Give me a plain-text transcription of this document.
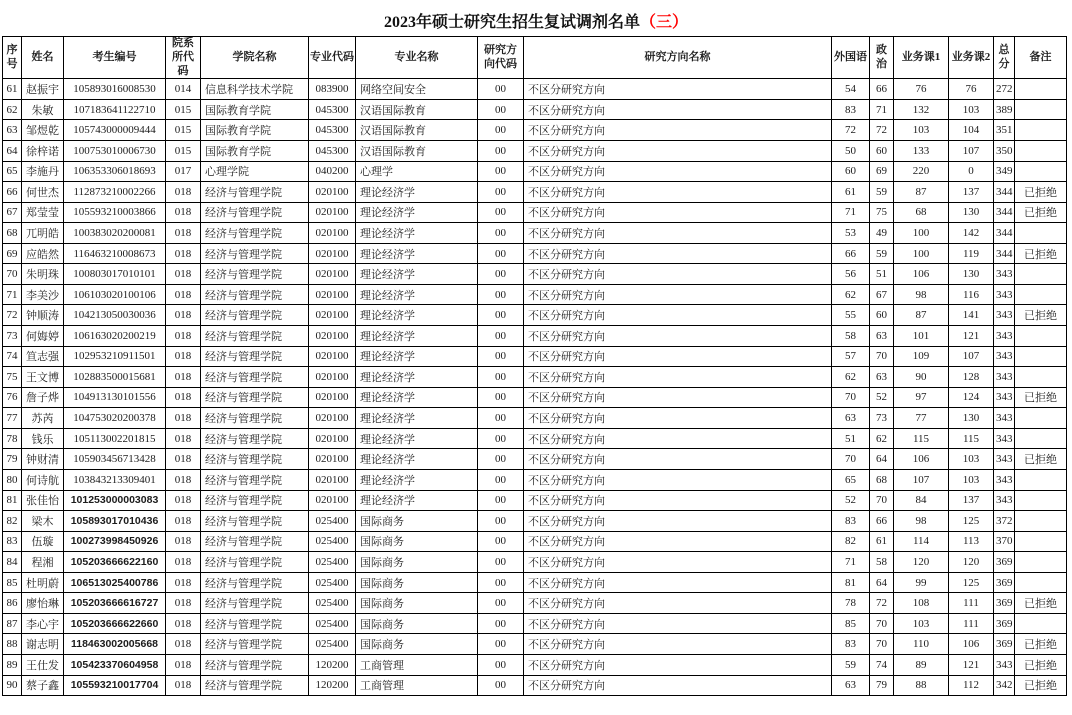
2023年硕士研究生招生复试调剂名单（三）
序号	姓名	考生编号	院系所代码	学院名称	专业代码	专业名称	研究方向代码	研究方向名称	外国语	政治	业务课1	业务课2	总分	备注
61	赵振宇	105893016008530	014	信息科学技术学院	083900	网络空间安全	00	不区分研究方向	54	66	76	76	272	
62	朱敏	107183641122710	015	国际教育学院	045300	汉语国际教育	00	不区分研究方向	83	71	132	103	389	
63	邹煜乾	105743000009444	015	国际教育学院	045300	汉语国际教育	00	不区分研究方向	72	72	103	104	351	
64	徐梓诺	100753010006730	015	国际教育学院	045300	汉语国际教育	00	不区分研究方向	50	60	133	107	350	
65	李施丹	106353306018693	017	心理学院	040200	心理学	00	不区分研究方向	60	69	220	0	349	
66	何世杰	112873210002266	018	经济与管理学院	020100	理论经济学	00	不区分研究方向	61	59	87	137	344	已拒绝
67	郑莹莹	105593210003866	018	经济与管理学院	020100	理论经济学	00	不区分研究方向	71	75	68	130	344	已拒绝
68	兀明皓	100383020200081	018	经济与管理学院	020100	理论经济学	00	不区分研究方向	53	49	100	142	344	
69	应皓然	116463210008673	018	经济与管理学院	020100	理论经济学	00	不区分研究方向	66	59	100	119	344	已拒绝
70	朱明珠	100803017010101	018	经济与管理学院	020100	理论经济学	00	不区分研究方向	56	51	106	130	343	
71	李美沙	106103020100106	018	经济与管理学院	020100	理论经济学	00	不区分研究方向	62	67	98	116	343	
72	钟顺涛	104213050030036	018	经济与管理学院	020100	理论经济学	00	不区分研究方向	55	60	87	141	343	已拒绝
73	何娒婷	106163020200219	018	经济与管理学院	020100	理论经济学	00	不区分研究方向	58	63	101	121	343	
74	笪志强	102953210911501	018	经济与管理学院	020100	理论经济学	00	不区分研究方向	57	70	109	107	343	
75	王文博	102883500015681	018	经济与管理学院	020100	理论经济学	00	不区分研究方向	62	63	90	128	343	
76	詹子烨	104913130101556	018	经济与管理学院	020100	理论经济学	00	不区分研究方向	70	52	97	124	343	已拒绝
77	苏芮	104753020200378	018	经济与管理学院	020100	理论经济学	00	不区分研究方向	63	73	77	130	343	
78	钱乐	105113002201815	018	经济与管理学院	020100	理论经济学	00	不区分研究方向	51	62	115	115	343	
79	钟财清	105903456713428	018	经济与管理学院	020100	理论经济学	00	不区分研究方向	70	64	106	103	343	已拒绝
80	何诗航	103843213309401	018	经济与管理学院	020100	理论经济学	00	不区分研究方向	65	68	107	103	343	
81	张佳怡	101253000003083	018	经济与管理学院	020100	理论经济学	00	不区分研究方向	52	70	84	137	343	
82	梁木	105893017010436	018	经济与管理学院	025400	国际商务	00	不区分研究方向	83	66	98	125	372	
83	伍璇	100273998450926	018	经济与管理学院	025400	国际商务	00	不区分研究方向	82	61	114	113	370	
84	程湘	105203666622160	018	经济与管理学院	025400	国际商务	00	不区分研究方向	71	58	120	120	369	
85	杜明蔚	106513025400786	018	经济与管理学院	025400	国际商务	00	不区分研究方向	81	64	99	125	369	
86	廖怡琳	105203666616727	018	经济与管理学院	025400	国际商务	00	不区分研究方向	78	72	108	111	369	已拒绝
87	李心宇	105203666622660	018	经济与管理学院	025400	国际商务	00	不区分研究方向	85	70	103	111	369	
88	谢志明	118463002005668	018	经济与管理学院	025400	国际商务	00	不区分研究方向	83	70	110	106	369	已拒绝
89	王仕发	105423370604958	018	经济与管理学院	120200	工商管理	00	不区分研究方向	59	74	89	121	343	已拒绝
90	蔡子鑫	105593210017704	018	经济与管理学院	120200	工商管理	00	不区分研究方向	63	79	88	112	342	已拒绝
